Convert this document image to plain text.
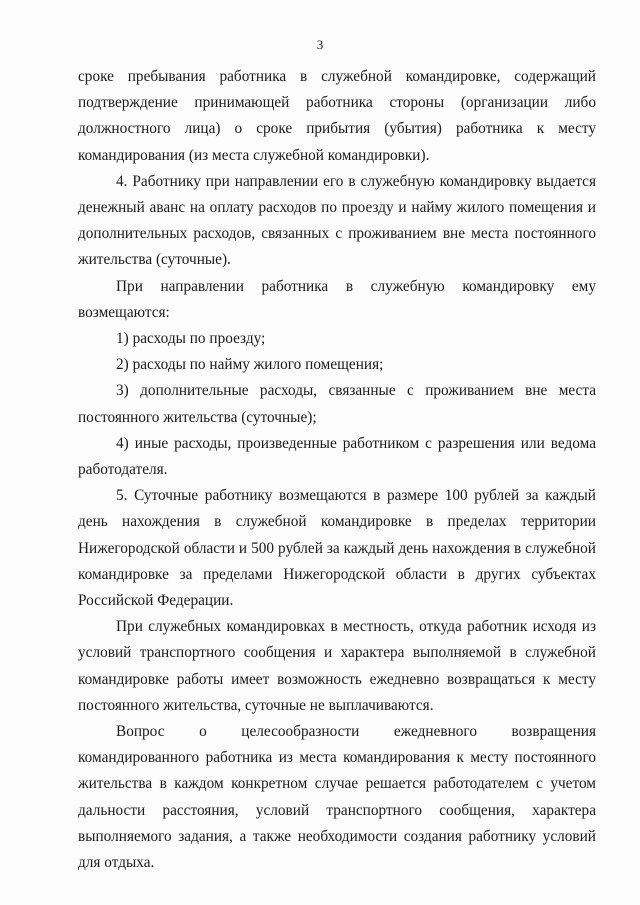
3

сроке пребывания работника в служебной командировке, содержащий подтверждение принимающей работника стороны (организации либо должностного лица) о сроке прибытия (убытия) работника к месту командирования (из места служебной командировки).

4. Работнику при направлении его в служебную командировку выдается денежный аванс на оплату расходов по проезду и найму жилого помещения и дополнительных расходов, связанных с проживанием вне места постоянного жительства (суточные).

При направлении работника в служебную командировку ему возмещаются:

1) расходы по проезду;

2) расходы по найму жилого помещения;

3) дополнительные расходы, связанные с проживанием вне места постоянного жительства (суточные);

4) иные расходы, произведенные работником с разрешения или ведома работодателя.

5. Суточные работнику возмещаются в размере 100 рублей за каждый день нахождения в служебной командировке в пределах территории Нижегородской области и 500 рублей за каждый день нахождения в служебной командировке за пределами Нижегородской области в других субъектах Российской Федерации.

При служебных командировках в местность, откуда работник исходя из условий транспортного сообщения и характера выполняемой в служебной командировке работы имеет возможность ежедневно возвращаться к месту постоянного жительства, суточные не выплачиваются.

Вопрос о целесообразности ежедневного возвращения командированного работника из места командирования к месту постоянного жительства в каждом конкретном случае решается работодателем с учетом дальности расстояния, условий транспортного сообщения, характера выполняемого задания, а также необходимости создания работнику условий для отдыха.
